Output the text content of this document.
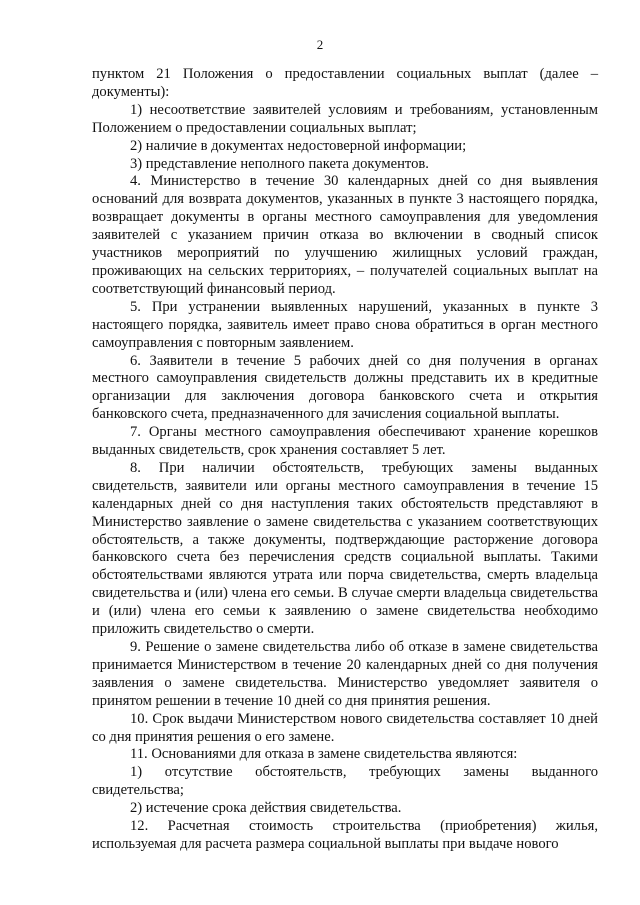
2

пунктом 21 Положения о предоставлении социальных выплат (далее – документы):

1) несоответствие заявителей условиям и требованиям, установленным Положением о предоставлении социальных выплат;

2) наличие в документах недостоверной информации;

3) представление неполного пакета документов.

4. Министерство в течение 30 календарных дней со дня выявления оснований для возврата документов, указанных в пункте 3 настоящего порядка, возвращает документы в органы местного самоуправления для уведомления заявителей с указанием причин отказа во включении в сводный список участников мероприятий по улучшению жилищных условий граждан, проживающих на сельских территориях, – получателей социальных выплат на соответствующий финансовый период.

5. При устранении выявленных нарушений, указанных в пункте 3 настоящего порядка, заявитель имеет право снова обратиться в орган местного самоуправления с повторным заявлением.

6. Заявители в течение 5 рабочих дней со дня получения в органах местного самоуправления свидетельств должны представить их в кредитные организации для заключения договора банковского счета и открытия банковского счета, предназначенного для зачисления социальной выплаты.

7. Органы местного самоуправления обеспечивают хранение корешков выданных свидетельств, срок хранения составляет 5 лет.

8. При наличии обстоятельств, требующих замены выданных свидетельств, заявители или органы местного самоуправления в течение 15 календарных дней со дня наступления таких обстоятельств представляют в Министерство заявление о замене свидетельства с указанием соответствующих обстоятельств, а также документы, подтверждающие расторжение договора банковского счета без перечисления средств социальной выплаты. Такими обстоятельствами являются утрата или порча свидетельства, смерть владельца свидетельства и (или) члена его семьи. В случае смерти владельца свидетельства и (или) члена его семьи к заявлению о замене свидетельства необходимо приложить свидетельство о смерти.

9. Решение о замене свидетельства либо об отказе в замене свидетельства принимается Министерством в течение 20 календарных дней со дня получения заявления о замене свидетельства. Министерство уведомляет заявителя о принятом решении в течение 10 дней со дня принятия решения.

10. Срок выдачи Министерством нового свидетельства составляет 10 дней со дня принятия решения о его замене.

11. Основаниями для отказа в замене свидетельства являются:

1) отсутствие обстоятельств, требующих замены выданного свидетельства;

2) истечение срока действия свидетельства.

12. Расчетная стоимость строительства (приобретения) жилья, используемая для расчета размера социальной выплаты при выдаче нового
